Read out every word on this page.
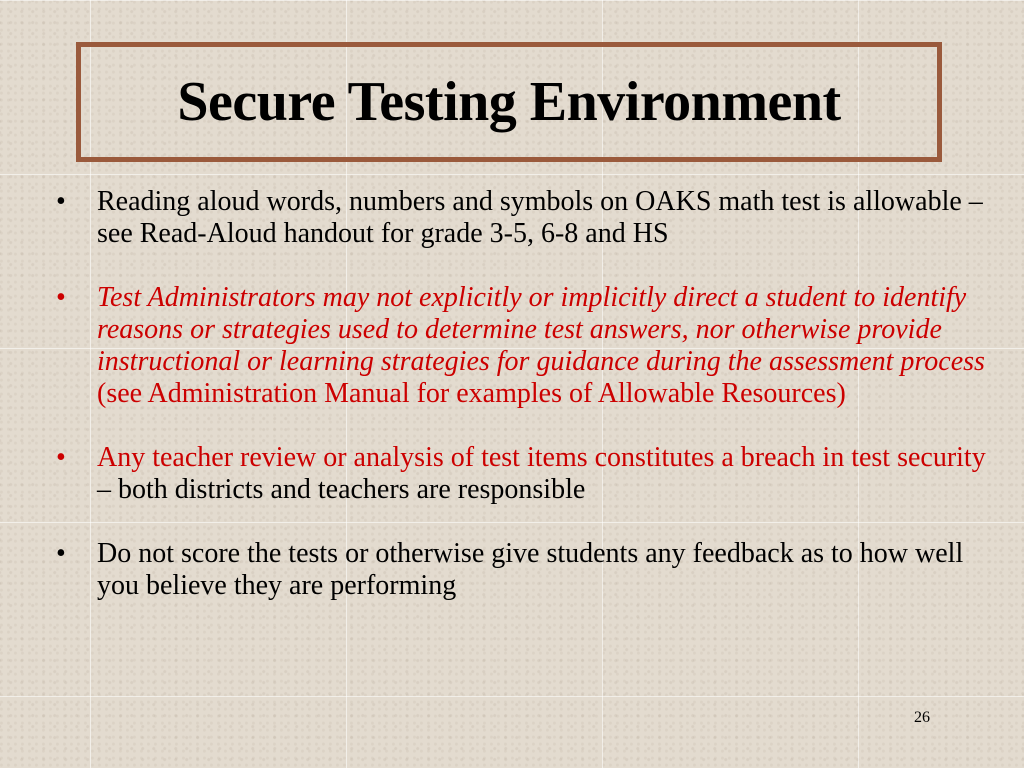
Secure Testing Environment
• Reading aloud words, numbers and symbols on OAKS math test is allowable – see Read-Aloud handout for grade 3-5, 6-8 and HS
• Test Administrators may not explicitly or implicitly direct a student to identify reasons or strategies used to determine test answers, nor otherwise provide instructional or learning strategies for guidance during the assessment process (see Administration Manual for examples of Allowable Resources)
• Any teacher review or analysis of test items constitutes a breach in test security – both districts and teachers are responsible
• Do not score the tests or otherwise give students any feedback as to how well you believe they are performing
26
